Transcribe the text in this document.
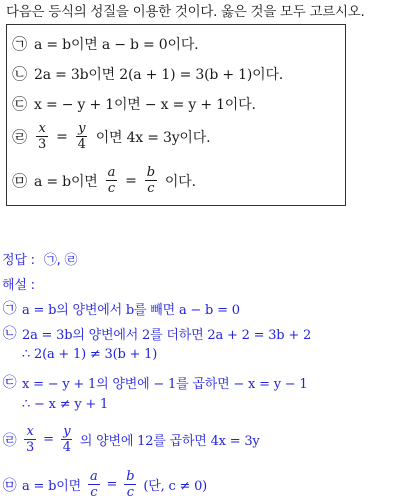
다음은 등식의 성질을 이용한 것이다. 옳은 것을 모두 고르시오.
㉠ a = b이면 a − b = 0이다.
㉡ 2a = 3b이면 2(a + 1) = 3(b + 1)이다.
㉢ x = − y + 1이면 − x = y + 1이다.
㉣ $\frac{x}{3} = \frac{y}{4}$ 이면 4x = 3y이다.
㉤ a = b이면 $\frac{a}{c} = \frac{b}{c}$ 이다.
정답 : ㉠, ㉣
해설 :
㉠ a = b의 양변에서 b를 빼면 a − b = 0
㉡ 2a = 3b의 양변에서 2를 더하면 2a + 2 = 3b + 2
∴ 2(a + 1) ≠ 3(b + 1)
㉢ x = − y + 1의 양변에 − 1를 곱하면 − x = y − 1
∴ − x ≠ y + 1
㉣ $\frac{x}{3} = \frac{y}{4}$ 의 양변에 12를 곱하면 4x = 3y
㉤ a = b이면 $\frac{a}{c} = \frac{b}{c}$ (단, c ≠ 0)
